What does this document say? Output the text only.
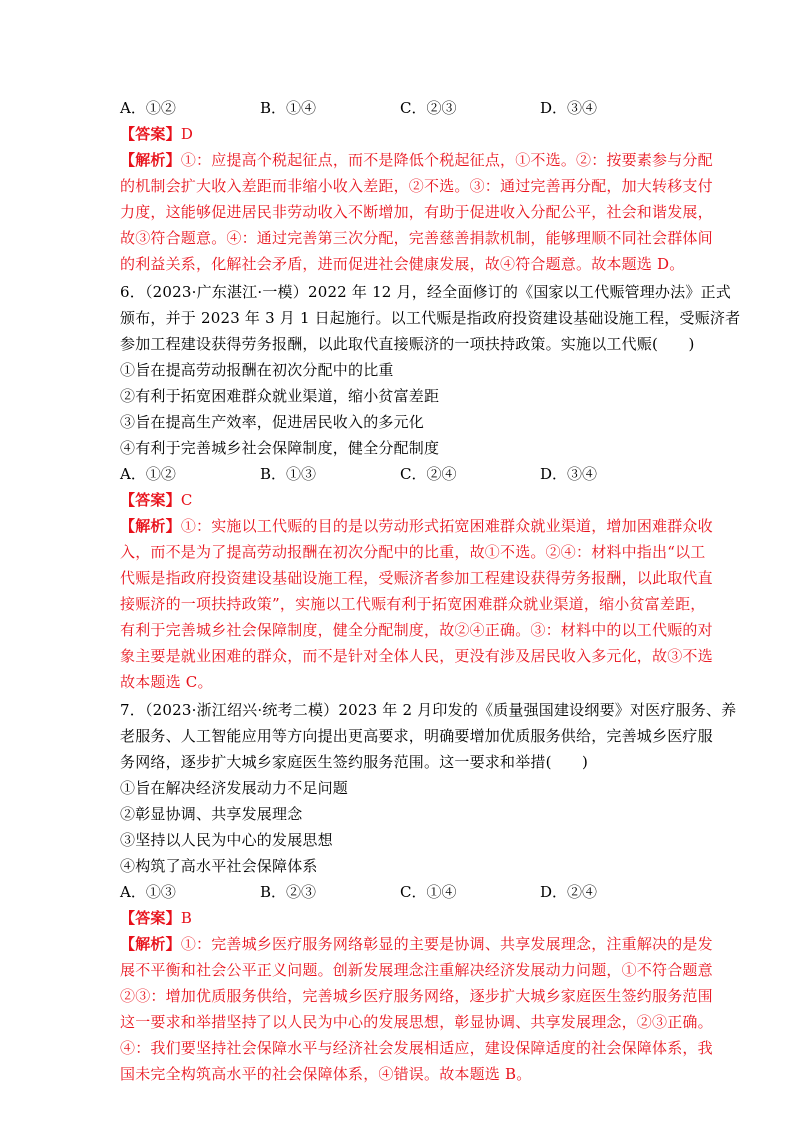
A．①②	B．①④	C．②③	D．③④
【答案】D
【解析】①：应提高个税起征点，而不是降低个税起征点，①不选。②：按要素参与分配
的机制会扩大收入差距而非缩小收入差距，②不选。③：通过完善再分配，加大转移支付
力度，这能够促进居民非劳动收入不断增加，有助于促进收入分配公平，社会和谐发展，
故③符合题意。④：通过完善第三次分配，完善慈善捐款机制，能够理顺不同社会群体间
的利益关系，化解社会矛盾，进而促进社会健康发展，故④符合题意。故本题选 D。
6．（2023·广东湛江·一模）2022 年 12 月，经全面修订的《国家以工代赈管理办法》正式
颁布，并于 2023 年 3 月 1 日起施行。以工代赈是指政府投资建设基础设施工程，受赈济者
参加工程建设获得劳务报酬，以此取代直接赈济的一项扶持政策。实施以工代赈(　　)
①旨在提高劳动报酬在初次分配中的比重
②有利于拓宽困难群众就业渠道，缩小贫富差距
③旨在提高生产效率，促进居民收入的多元化
④有利于完善城乡社会保障制度，健全分配制度
A．①②	B．①③	C．②④	D．③④
【答案】C
【解析】①：实施以工代赈的目的是以劳动形式拓宽困难群众就业渠道，增加困难群众收
入，而不是为了提高劳动报酬在初次分配中的比重，故①不选。②④：材料中指出“以工
代赈是指政府投资建设基础设施工程，受赈济者参加工程建设获得劳务报酬，以此取代直
接赈济的一项扶持政策”，实施以工代赈有利于拓宽困难群众就业渠道，缩小贫富差距，
有利于完善城乡社会保障制度，健全分配制度，故②④正确。③：材料中的以工代赈的对
象主要是就业困难的群众，而不是针对全体人民，更没有涉及居民收入多元化，故③不选
故本题选 C。
7．（2023·浙江绍兴·统考二模）2023 年 2 月印发的《质量强国建设纲要》对医疗服务、养
老服务、人工智能应用等方向提出更高要求，明确要增加优质服务供给，完善城乡医疗服
务网络，逐步扩大城乡家庭医生签约服务范围。这一要求和举措(　　)
①旨在解决经济发展动力不足问题
②彰显协调、共享发展理念
③坚持以人民为中心的发展思想
④构筑了高水平社会保障体系
A．①③	B．②③	C．①④	D．②④
【答案】B
【解析】①：完善城乡医疗服务网络彰显的主要是协调、共享发展理念，注重解决的是发
展不平衡和社会公平正义问题。创新发展理念注重解决经济发展动力问题，①不符合题意
②③：增加优质服务供给，完善城乡医疗服务网络，逐步扩大城乡家庭医生签约服务范围
这一要求和举措坚持了以人民为中心的发展思想，彰显协调、共享发展理念，②③正确。
④：我们要坚持社会保障水平与经济社会发展相适应，建设保障适度的社会保障体系，我
国未完全构筑高水平的社会保障体系，④错误。故本题选 B。
